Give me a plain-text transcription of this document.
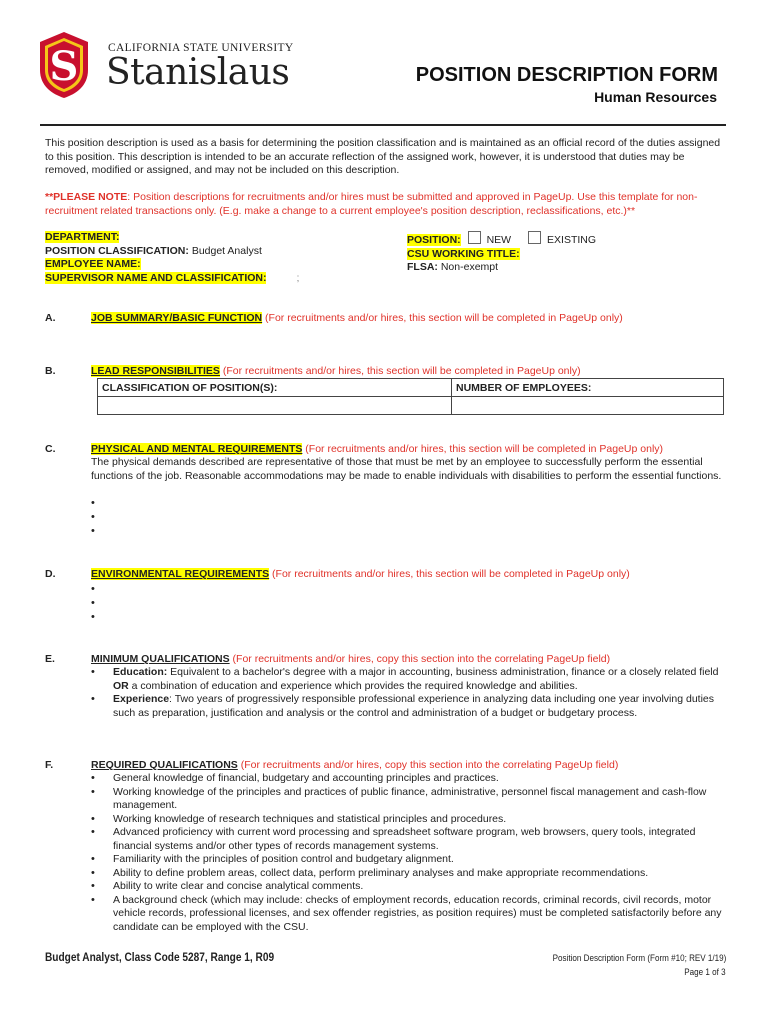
S	CALIFORNIA STATE UNIVERSITY
Stanislaus	POSITION DESCRIPTION FORM
Human Resources

This position description is used as a basis for determining the position classification and is maintained as an official record of the duties assigned to this position. This description is intended to be an accurate reflection of the assigned work, however, it is understood that duties may be removed, modified or assigned, and may not be included on this description.

**PLEASE NOTE: Position descriptions for recruitments and/or hires must be submitted and approved in PageUp. Use this template for non-recruitment related transactions only. (E.g. make a change to a current employee's position description, reclassifications, etc.)**

DEPARTMENT:
POSITION CLASSIFICATION: Budget Analyst
EMPLOYEE NAME:
SUPERVISOR NAME AND CLASSIFICATION:	;
POSITION: NEW	EXISTING
CSU WORKING TITLE:
FLSA: Non-exempt
A.	JOB SUMMARY/BASIC FUNCTION (For recruitments and/or hires, this section will be completed in PageUp only)
B.	LEAD RESPONSIBILITIES (For recruitments and/or hires, this section will be completed in PageUp only)
CLASSIFICATION OF POSITION(S):	NUMBER OF EMPLOYEES:

C.	PHYSICAL AND MENTAL REQUIREMENTS (For recruitments and/or hires, this section will be completed in PageUp only)

The physical demands described are representative of those that must be met by an employee to successfully perform the essential functions of the job. Reasonable accommodations may be made to enable individuals with disabilities to perform the essential functions.

•
•
•
D.	ENVIRONMENTAL REQUIREMENTS (For recruitments and/or hires, this section will be completed in PageUp only)
•
•
•
E.	MINIMUM QUALIFICATIONS (For recruitments and/or hires, copy this section into the correlating PageUp field)
• Education: Equivalent to a bachelor's degree with a major in accounting, business administration, finance or a closely related field OR a combination of education and experience which provides the required knowledge and abilities.
• Experience: Two years of progressively responsible professional experience in analyzing data including one year involving duties such as preparation, justification and analysis or the control and administration of a budget or budgetary process.
F.	REQUIRED QUALIFICATIONS (For recruitments and/or hires, copy this section into the correlating PageUp field)
• General knowledge of financial, budgetary and accounting principles and practices.
• Working knowledge of the principles and practices of public finance, administrative, personnel fiscal management and cash-flow management.
• Working knowledge of research techniques and statistical principles and procedures.
• Advanced proficiency with current word processing and spreadsheet software program, web browsers, query tools, integrated financial systems and/or other types of records management systems.
• Familiarity with the principles of position control and budgetary alignment.
• Ability to define problem areas, collect data, perform preliminary analyses and make appropriate recommendations.
• Ability to write clear and concise analytical comments.
• A background check (which may include: checks of employment records, education records, criminal records, civil records, motor vehicle records, professional licenses, and sex offender registries, as position requires) must be completed satisfactorily before any candidate can be employed with the CSU.
Budget Analyst, Class Code 5287, Range 1, R09	Position Description Form (Form #10; REV 1/19)
Page 1 of 3
